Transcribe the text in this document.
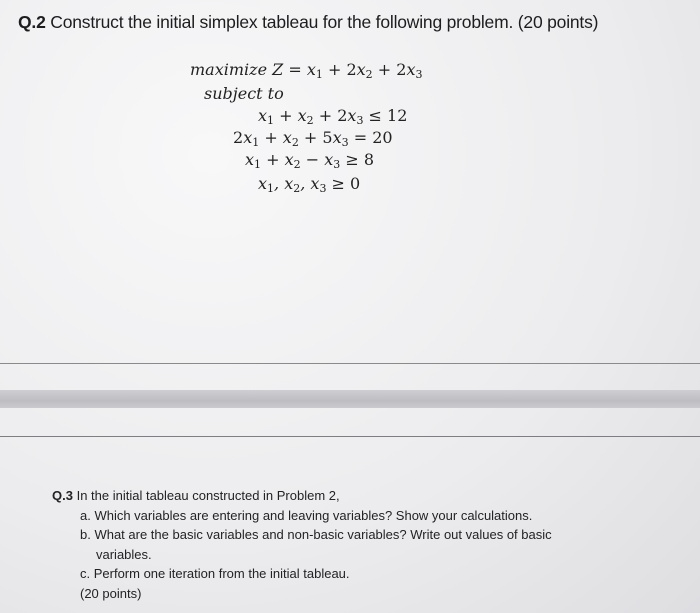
Q.2 Construct the initial simplex tableau for the following problem. (20 points)
maximize $Z = x_1 + 2x_2 + 2x_3$
subject to
$x_1 + x_2 + 2x_3 \le 12$
$2x_1 + x_2 + 5x_3 = 20$
$x_1 + x_2 - x_3 \ge 8$
$x_1$, $x_2$, $x_3 \ge 0$
Q.3 In the initial tableau constructed in Problem 2,
a. Which variables are entering and leaving variables? Show your calculations.
b. What are the basic variables and non-basic variables? Write out values of basic
variables.
c. Perform one iteration from the initial tableau.
(20 points)
